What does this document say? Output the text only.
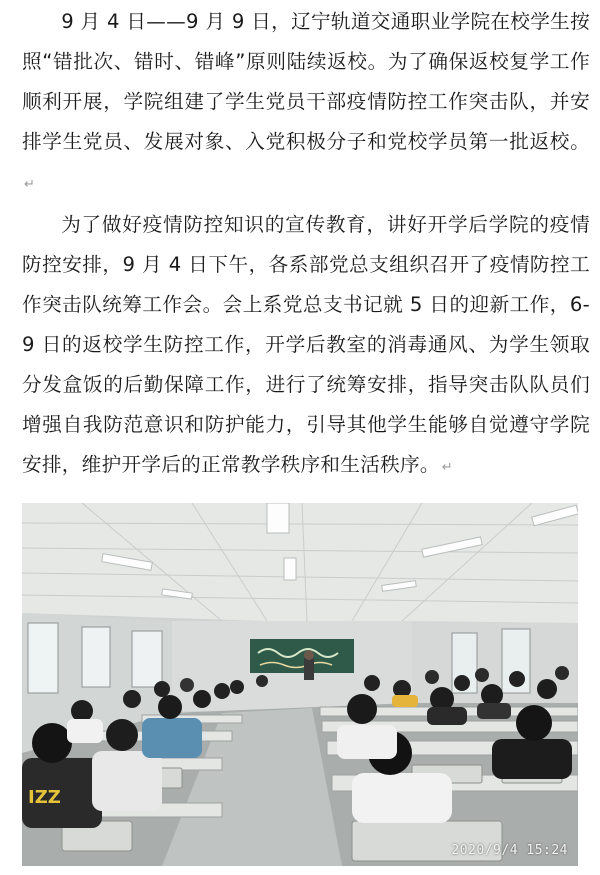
9 月 4 日——9 月 9 日，辽宁轨道交通职业学院在校学生按照“错批次、错时、错峰”原则陆续返校。为了确保返校复学工作顺利开展，学院组建了学生党员干部疫情防控工作突击队，并安排学生党员、发展对象、入党积极分子和党校学员第一批返校。↵

为了做好疫情防控知识的宣传教育，讲好开学后学院的疫情防控安排，9 月 4 日下午，各系部党总支组织召开了疫情防控工作突击队统筹工作会。会上系党总支书记就 5 日的迎新工作，6-9 日的返校学生防控工作，开学后教室的消毒通风、为学生领取分发盒饭的后勤保障工作，进行了统筹安排，指导突击队队员们增强自我防范意识和防护能力，引导其他学生能够自觉遵守学院安排，维护开学后的正常教学秩序和生活秩序。 ↵

IZZ
2020/9/4 15:24
